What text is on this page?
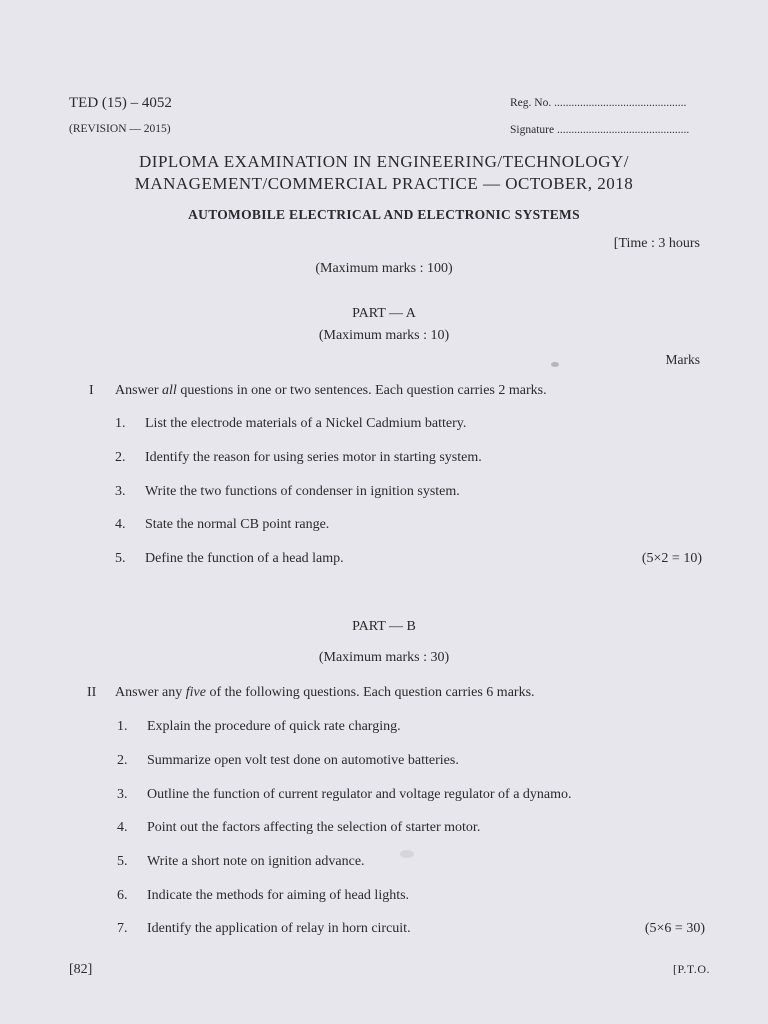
TED (15) – 4052
(REVISION — 2015)
Reg. No. ..............................................
Signature ..............................................
DIPLOMA EXAMINATION IN ENGINEERING/TECHNOLOGY/
MANAGEMENT/COMMERCIAL PRACTICE — OCTOBER, 2018
AUTOMOBILE ELECTRICAL AND ELECTRONIC SYSTEMS
[Time : 3 hours
(Maximum marks : 100)
PART — A
(Maximum marks : 10)
Marks
I Answer all questions in one or two sentences. Each question carries 2 marks.
1. List the electrode materials of a Nickel Cadmium battery.
2. Identify the reason for using series motor in starting system.
3. Write the two functions of condenser in ignition system.
4. State the normal CB point range.
5. Define the function of a head lamp.	(5×2 = 10)
PART — B
(Maximum marks : 30)
II Answer any five of the following questions. Each question carries 6 marks.
1. Explain the procedure of quick rate charging.
2. Summarize open volt test done on automotive batteries.
3. Outline the function of current regulator and voltage regulator of a dynamo.
4. Point out the factors affecting the selection of starter motor.
5. Write a short note on ignition advance.
6. Indicate the methods for aiming of head lights.
7. Identify the application of relay in horn circuit.	(5×6 = 30)
[82]	[P.T.O.
